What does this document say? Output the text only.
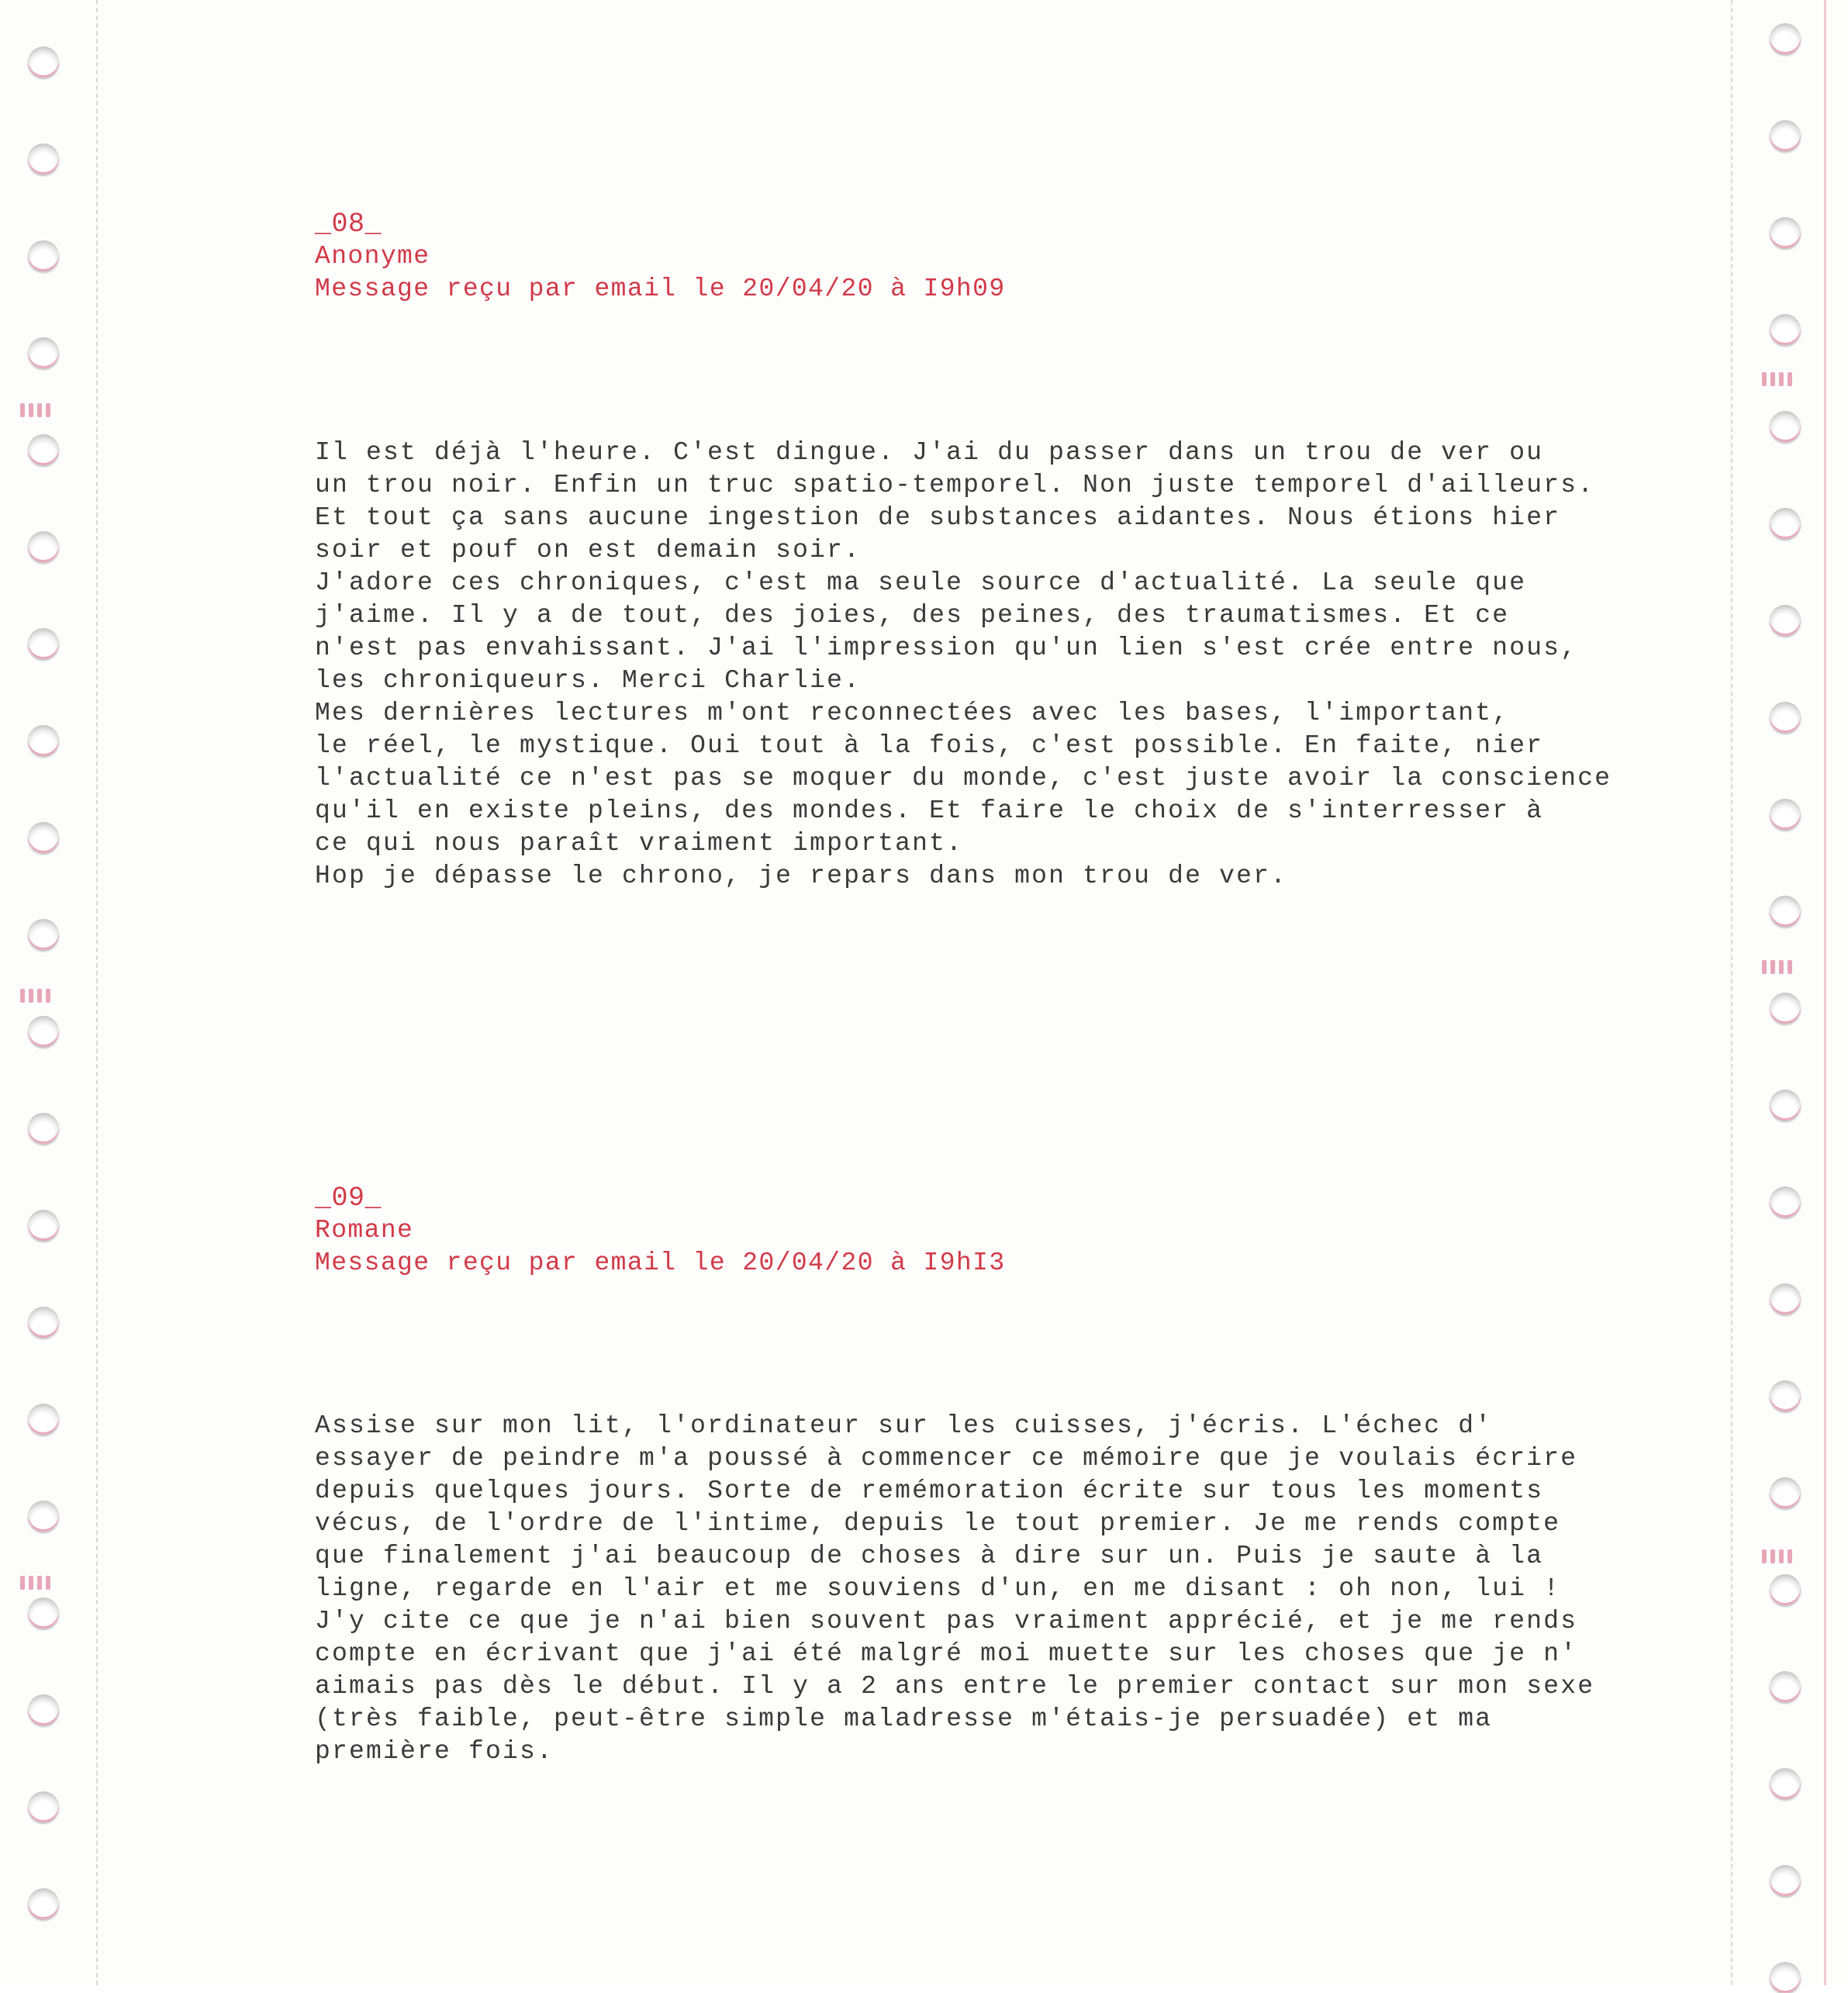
_08_
Anonyme
Message reçu par email le 20/04/20 à I9h09
Il est déjà l'heure. C'est dingue. J'ai du passer dans un trou de ver ou
un trou noir. Enfin un truc spatio-temporel. Non juste temporel d'ailleurs.
Et tout ça sans aucune ingestion de substances aidantes. Nous étions hier
soir et pouf on est demain soir.
J'adore ces chroniques, c'est ma seule source d'actualité. La seule que
j'aime. Il y a de tout, des joies, des peines, des traumatismes. Et ce
n'est pas envahissant. J'ai l'impression qu'un lien s'est crée entre nous,
les chroniqueurs. Merci Charlie.
Mes dernières lectures m'ont reconnectées avec les bases, l'important,
le réel, le mystique. Oui tout à la fois, c'est possible. En faite, nier
l'actualité ce n'est pas se moquer du monde, c'est juste avoir la conscience
qu'il en existe pleins, des mondes. Et faire le choix de s'interresser à
ce qui nous paraît vraiment important.
Hop je dépasse le chrono, je repars dans mon trou de ver.
_09_
Romane
Message reçu par email le 20/04/20 à I9hI3
Assise sur mon lit, l'ordinateur sur les cuisses, j'écris. L'échec d'
essayer de peindre m'a poussé à commencer ce mémoire que je voulais écrire
depuis quelques jours. Sorte de remémoration écrite sur tous les moments
vécus, de l'ordre de l'intime, depuis le tout premier. Je me rends compte
que finalement j'ai beaucoup de choses à dire sur un. Puis je saute à la
ligne, regarde en l'air et me souviens d'un, en me disant : oh non, lui !
J'y cite ce que je n'ai bien souvent pas vraiment apprécié, et je me rends
compte en écrivant que j'ai été malgré moi muette sur les choses que je n'
aimais pas dès le début. Il y a 2 ans entre le premier contact sur mon sexe
(très faible, peut-être simple maladresse m'étais-je persuadée) et ma
première fois.
